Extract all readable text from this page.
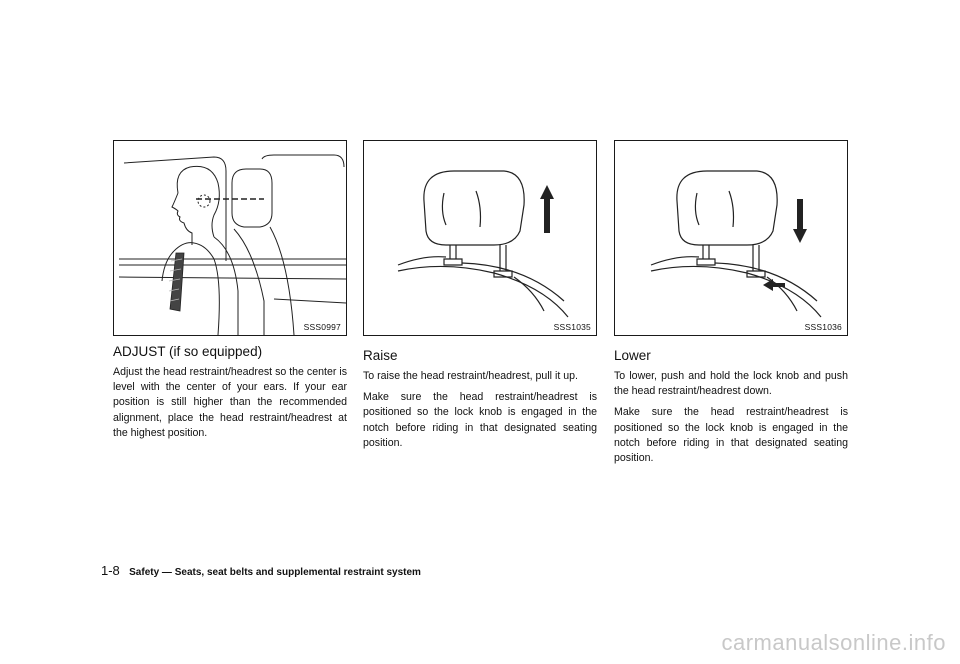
SSS0997
ADJUST (if so equipped)

Adjust the head restraint/headrest so the center is level with the center of your ears. If your ear position is still higher than the recommended alignment, place the head restraint/headrest at the highest position.

SSS1035
Raise

To raise the head restraint/headrest, pull it up.

Make sure the head restraint/headrest is positioned so the lock knob is engaged in the notch before riding in that designated seating position.

SSS1036
Lower

To lower, push and hold the lock knob and push the head restraint/headrest down.

Make sure the head restraint/headrest is positioned so the lock knob is engaged in the notch before riding in that designated seating position.

1-8 Safety — Seats, seat belts and supplemental restraint system
carmanualsonline.info
